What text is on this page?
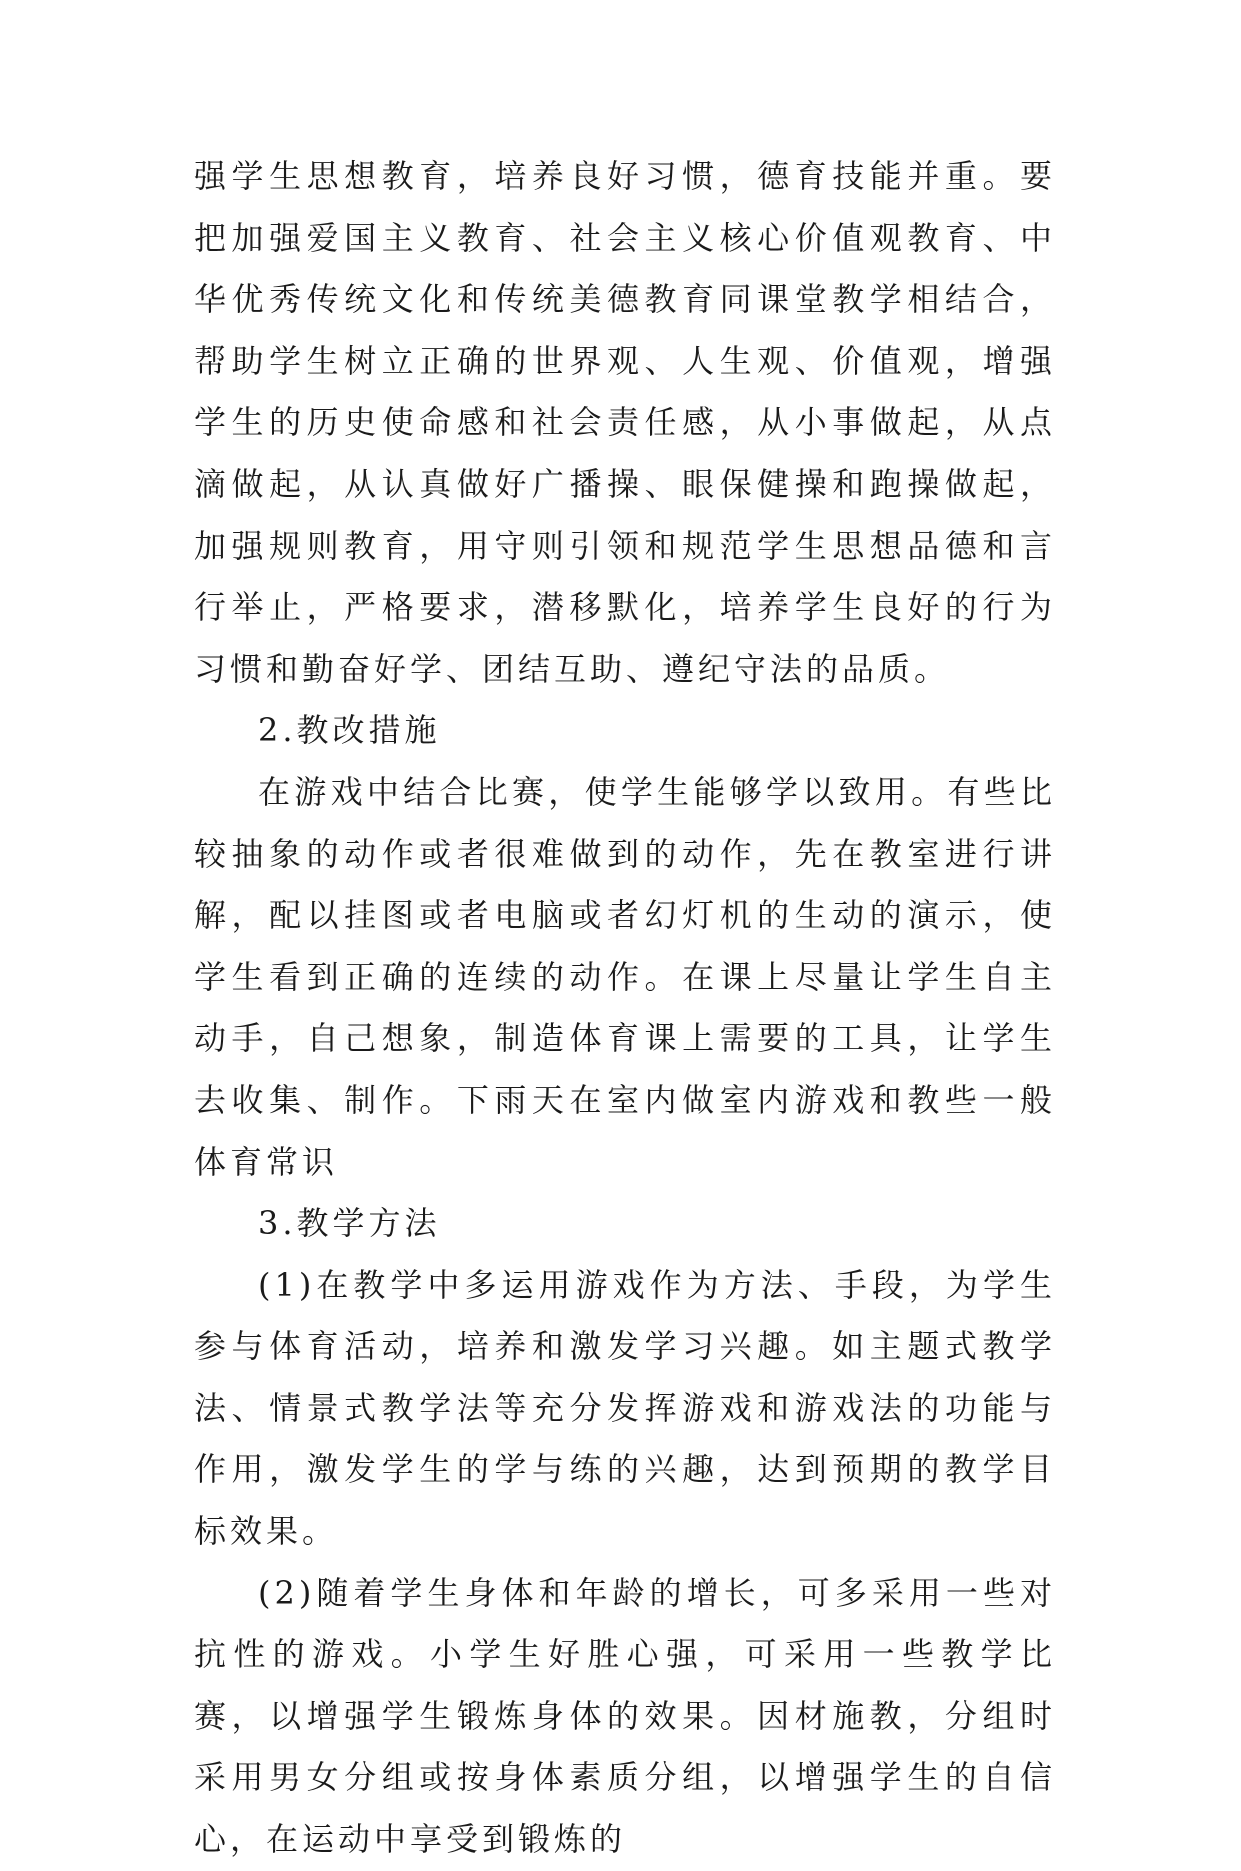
强学生思想教育，培养良好习惯，德育技能并重。要把加强爱国主义教育、社会主义核心价值观教育、中华优秀传统文化和传统美德教育同课堂教学相结合，帮助学生树立正确的世界观、人生观、价值观，增强学生的历史使命感和社会责任感，从小事做起，从点滴做起，从认真做好广播操、眼保健操和跑操做起，加强规则教育，用守则引领和规范学生思想品德和言行举止，严格要求，潜移默化，培养学生良好的行为习惯和勤奋好学、团结互助、遵纪守法的品质。

2.教改措施

在游戏中结合比赛，使学生能够学以致用。有些比较抽象的动作或者很难做到的动作，先在教室进行讲解，配以挂图或者电脑或者幻灯机的生动的演示，使学生看到正确的连续的动作。在课上尽量让学生自主动手，自己想象，制造体育课上需要的工具，让学生去收集、制作。下雨天在室内做室内游戏和教些一般体育常识

3.教学方法

(1)在教学中多运用游戏作为方法、手段，为学生参与体育活动，培养和激发学习兴趣。如主题式教学法、情景式教学法等充分发挥游戏和游戏法的功能与作用，激发学生的学与练的兴趣，达到预期的教学目标效果。

(2)随着学生身体和年龄的增长，可多采用一些对抗性的游戏。小学生好胜心强，可采用一些教学比赛，以增强学生锻炼身体的效果。因材施教，分组时采用男女分组或按身体素质分组，以增强学生的自信心，在运动中享受到锻炼的
